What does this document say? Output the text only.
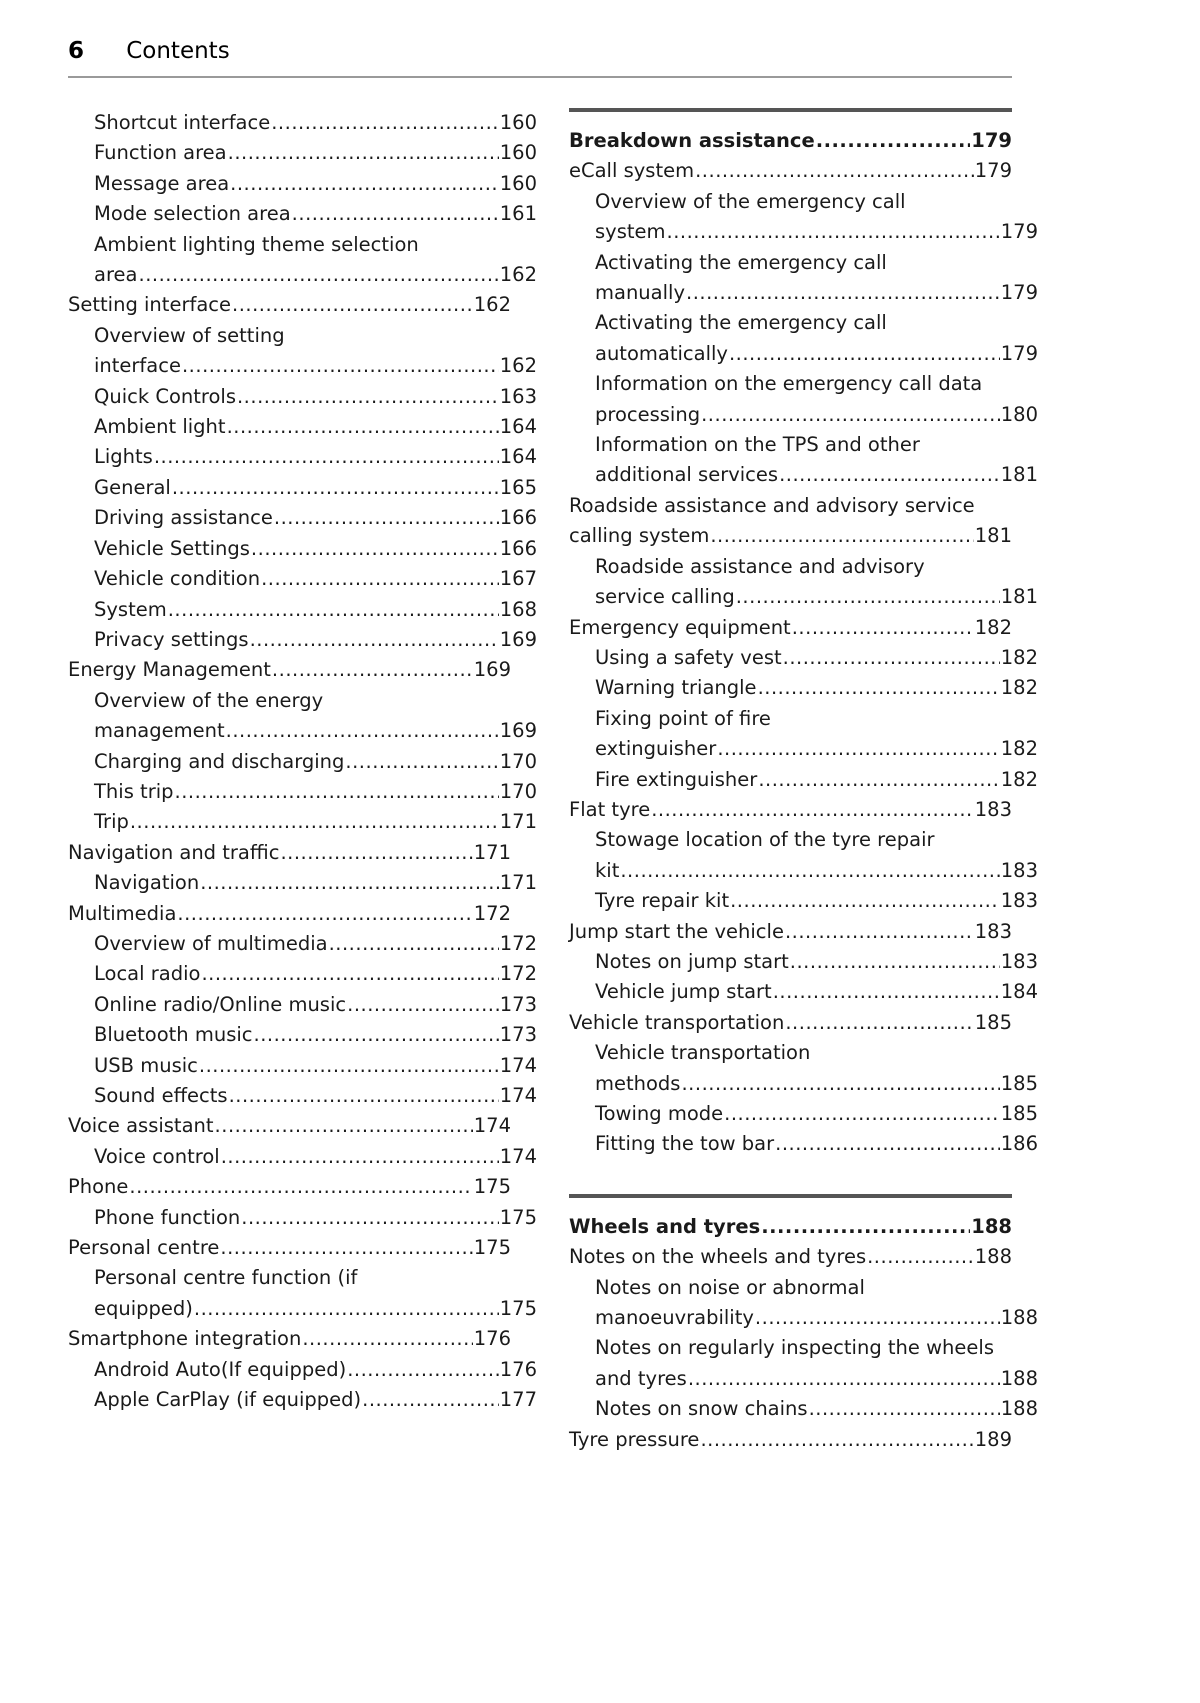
6 Contents
Shortcut interface .....	160
Function area .....	160
Message area .....	160
Mode selection area .....	161
Ambient lighting theme selection
area .....	162
Setting interface .....	162
Overview of setting
interface .....	162
Quick Controls .....	163
Ambient light .....	164
Lights .....	164
General .....	165
Driving assistance .....	166
Vehicle Settings .....	166
Vehicle condition .....	167
System .....	168
Privacy settings .....	169
Energy Management .....	169
Overview of the energy
management .....	169
Charging and discharging .....	170
This trip .....	170
Trip .....	171
Navigation and traffic .....	171
Navigation .....	171
Multimedia .....	172
Overview of multimedia .....	172
Local radio .....	172
Online radio/Online music .....	173
Bluetooth music .....	173
USB music .....	174
Sound effects .....	174
Voice assistant .....	174
Voice control .....	174
Phone .....	175
Phone function .....	175
Personal centre .....	175
Personal centre function (if
equipped) .....	175
Smartphone integration .....	176
Android Auto(If equipped) .....	176
Apple CarPlay (if equipped) .....	177
Breakdown assistance .....	179
eCall system .....	179
Overview of the emergency call
system .....	179
Activating the emergency call
manually .....	179
Activating the emergency call
automatically .....	179
Information on the emergency call data
processing .....	180
Information on the TPS and other
additional services .....	181
Roadside assistance and advisory service
calling system .....	181
Roadside assistance and advisory
service calling .....	181
Emergency equipment .....	182
Using a safety vest .....	182
Warning triangle .....	182
Fixing point of fire
extinguisher .....	182
Fire extinguisher .....	182
Flat tyre .....	183
Stowage location of the tyre repair
kit .....	183
Tyre repair kit .....	183
Jump start the vehicle .....	183
Notes on jump start .....	183
Vehicle jump start .....	184
Vehicle transportation .....	185
Vehicle transportation
methods .....	185
Towing mode .....	185
Fitting the tow bar .....	186
Wheels and tyres .....	188
Notes on the wheels and tyres .....	188
Notes on noise or abnormal
manoeuvrability .....	188
Notes on regularly inspecting the wheels
and tyres .....	188
Notes on snow chains .....	188
Tyre pressure .....	189
